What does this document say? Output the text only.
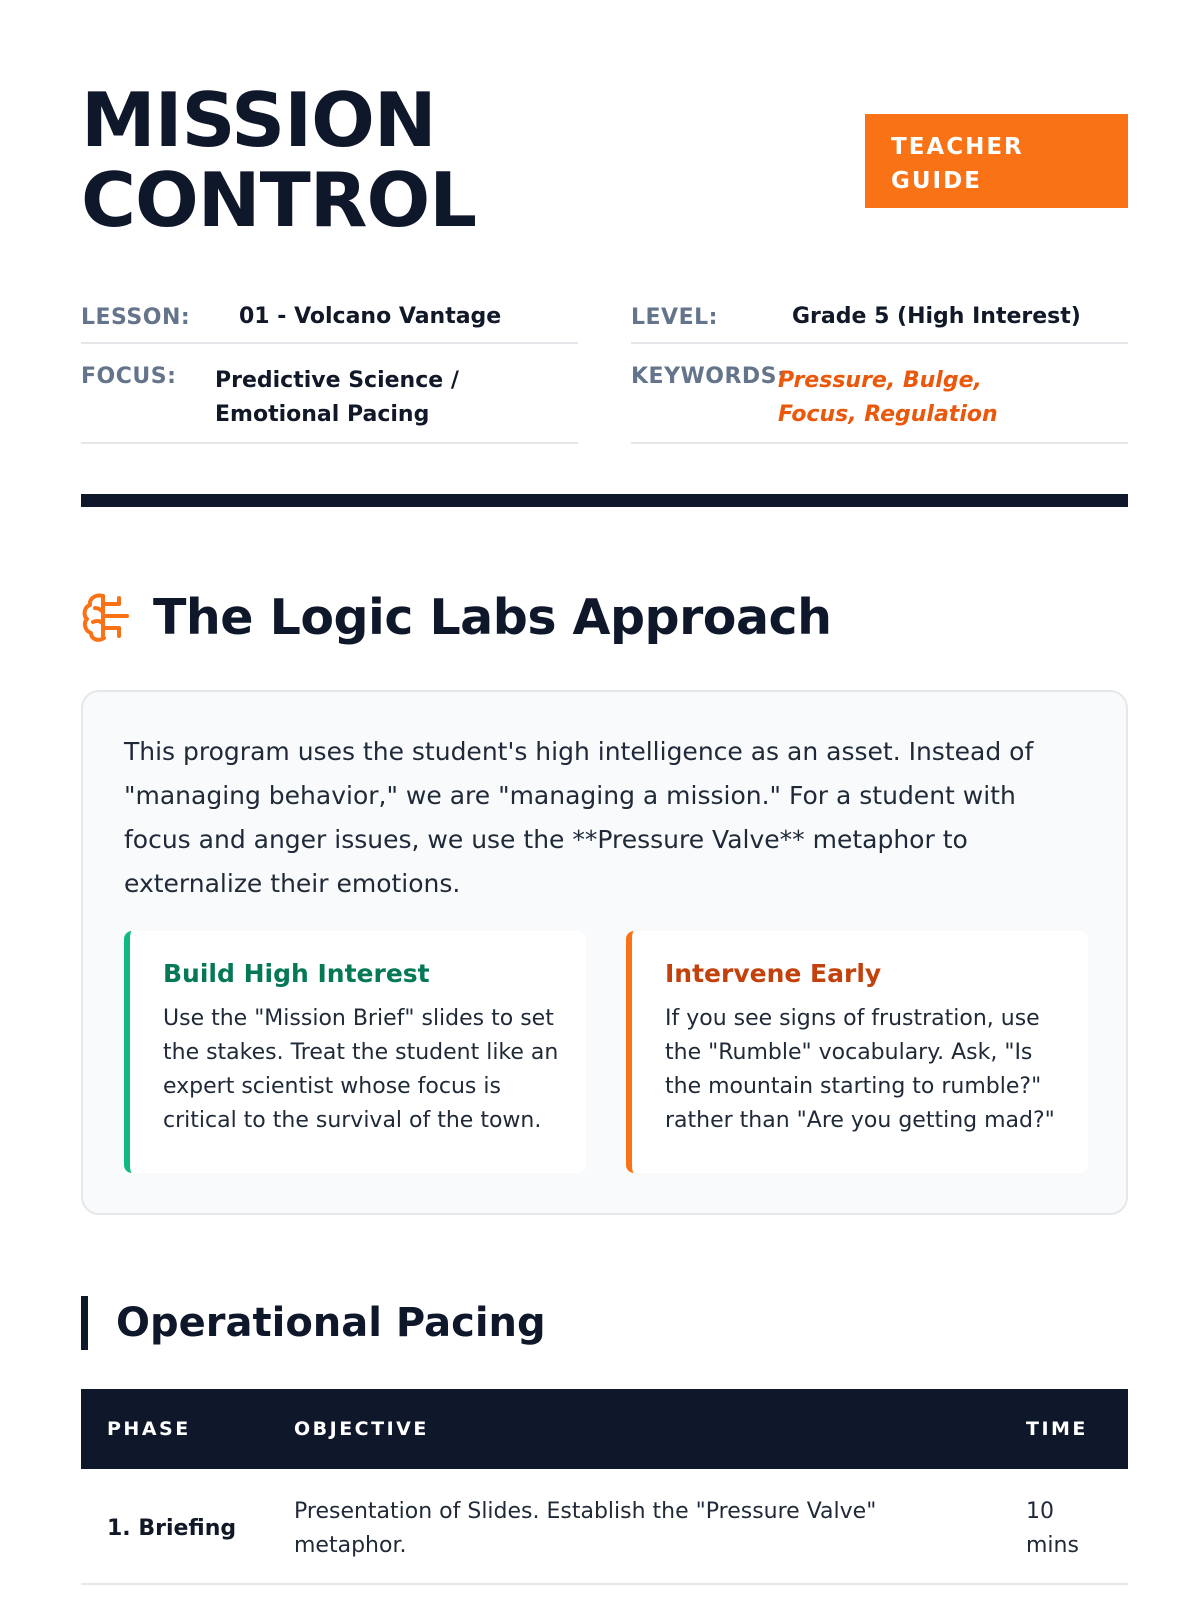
MISSION
CONTROL
TEACHER
GUIDE
LESSON:	01 - Volcano Vantage
FOCUS:	Predictive Science / Emotional Pacing
LEVEL:	Grade 5 (High Interest)
KEYWORDS:
Pressure, Bulge, Focus, Regulation
The Logic Labs Approach

This program uses the student's high intelligence as an asset. Instead of "managing behavior," we are "managing a mission." For a student with focus and anger issues, we use the **Pressure Valve** metaphor to externalize their emotions.

Build High Interest
Use the "Mission Brief" slides to set the stakes. Treat the student like an expert scientist whose focus is critical to the survival of the town.
Intervene Early
If you see signs of frustration, use the "Rumble" vocabulary. Ask, "Is the mountain starting to rumble?" rather than "Are you getting mad?"
Operational Pacing
PHASE	OBJECTIVE	TIME
1. Briefing	Presentation of Slides. Establish the "Pressure Valve" metaphor.	10 mins
